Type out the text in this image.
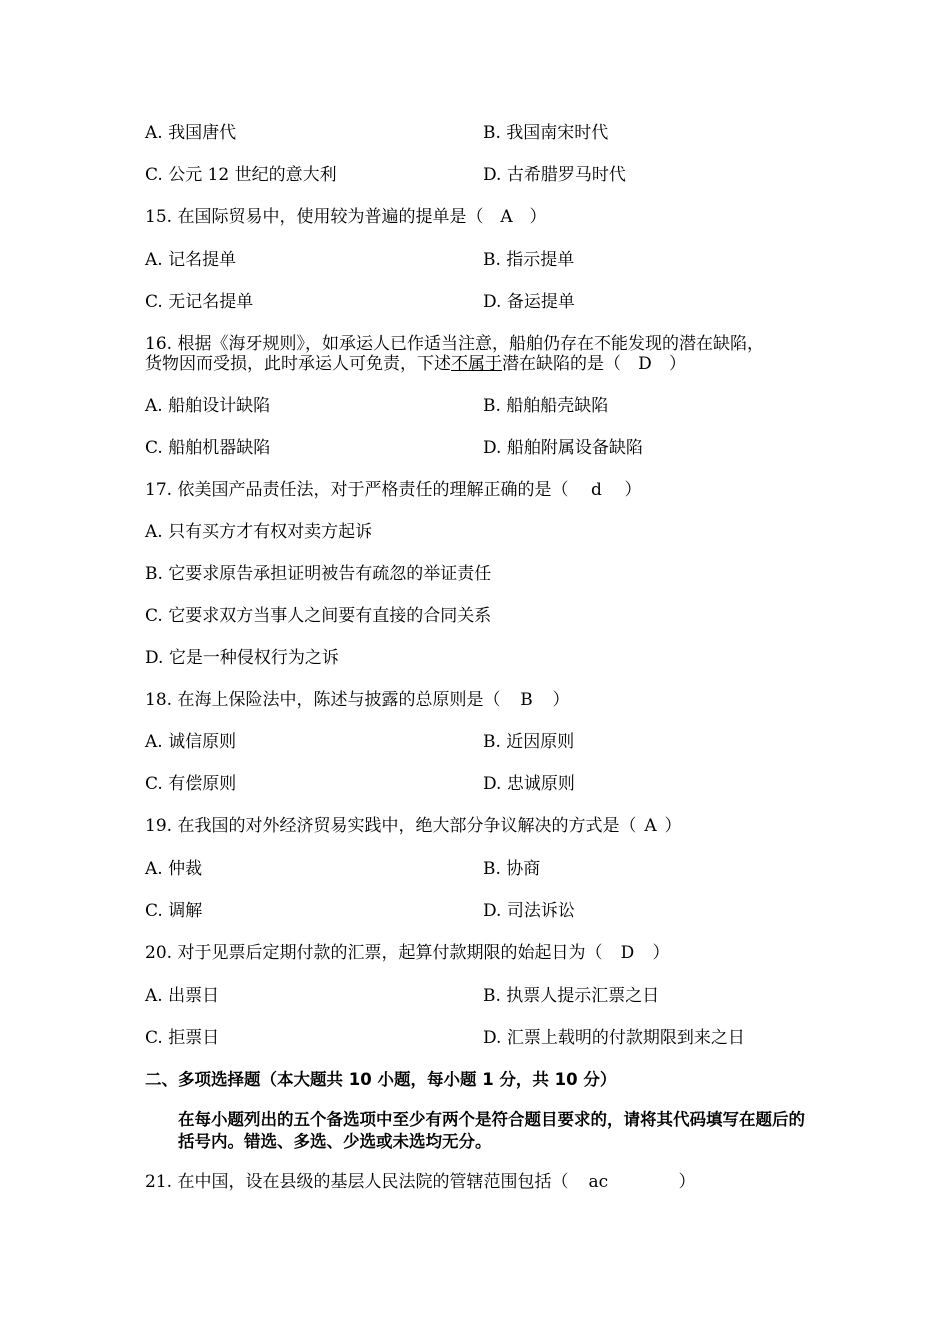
A. 我国唐代	B. 我国南宋时代
C. 公元 12 世纪的意大利	D. 古希腊罗马时代
15. 在国际贸易中，使用较为普遍的提单是（ A ）
A. 记名提单	B. 指示提单
C. 无记名提单	D. 备运提单
16. 根据《海牙规则》，如承运人已作适当注意，船舶仍存在不能发现的潜在缺陷，
货物因而受损，此时承运人可免责，下述不属于潜在缺陷的是（ D ）
A. 船舶设计缺陷	B. 船舶船壳缺陷
C. 船舶机器缺陷	D. 船舶附属设备缺陷
17. 依美国产品责任法，对于严格责任的理解正确的是（ d ）
A. 只有买方才有权对卖方起诉
B. 它要求原告承担证明被告有疏忽的举证责任
C. 它要求双方当事人之间要有直接的合同关系
D. 它是一种侵权行为之诉
18. 在海上保险法中，陈述与披露的总原则是（ B ）
A. 诚信原则	B. 近因原则
C. 有偿原则	D. 忠诚原则
19. 在我国的对外经济贸易实践中，绝大部分争议解决的方式是（ A ）
A. 仲裁	B. 协商
C. 调解	D. 司法诉讼
20. 对于见票后定期付款的汇票，起算付款期限的始起日为（ D ）
A. 出票日	B. 执票人提示汇票之日
C. 拒票日	D. 汇票上载明的付款期限到来之日
二、多项选择题（本大题共 10 小题，每小题 1 分，共 10 分）
在每小题列出的五个备选项中至少有两个是符合题目要求的，请将其代码填写在题后的括号内。错选、多选、少选或未选均无分。
21. 在中国，设在县级的基层人民法院的管辖范围包括（ ac	）
